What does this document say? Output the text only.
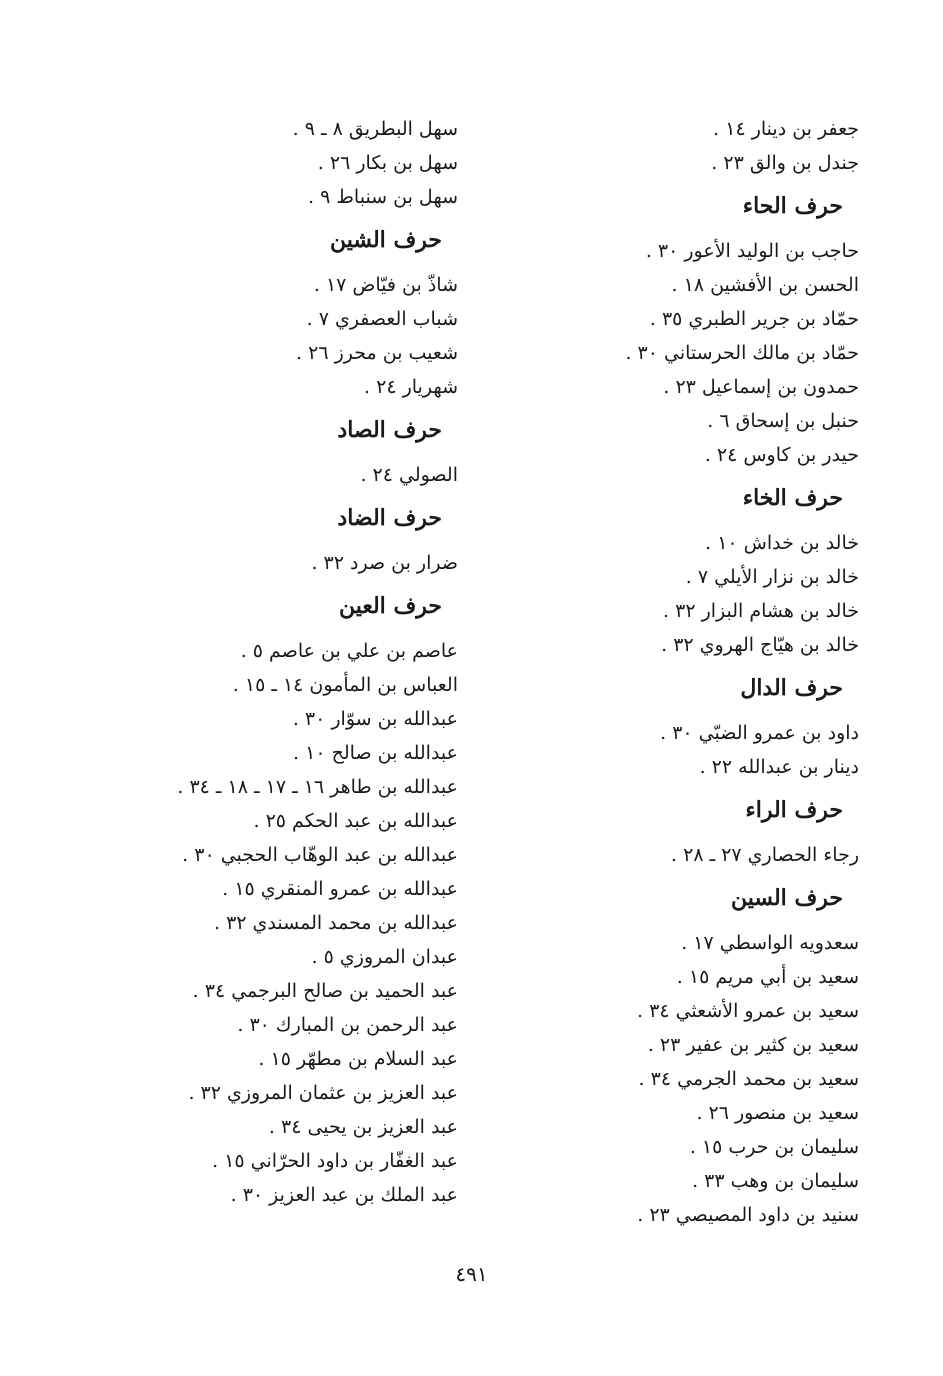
جعفر بن دينار ١٤ .
جندل بن والق ٢٣ .
حرف الحاء
حاجب بن الوليد الأعور ٣٠ .
الحسن بن الأفشين ١٨ .
حمّاد بن جرير الطبري ٣٥ .
حمّاد بن مالك الحرستاني ٣٠ .
حمدون بن إسماعيل ٢٣ .
حنبل بن إسحاق ٦ .
حيدر بن كاوس ٢٤ .
حرف الخاء
خالد بن خداش ١٠ .
خالد بن نزار الأيلي ٧ .
خالد بن هشام البزار ٣٢ .
خالد بن هيّاج الهروي ٣٢ .
حرف الدال
داود بن عمرو الضبّي ٣٠ .
دينار بن عبدالله ٢٢ .
حرف الراء
رجاء الحصاري ٢٧ ـ ٢٨ .
حرف السين
سعدويه الواسطي ١٧ .
سعيد بن أبي مريم ١٥ .
سعيد بن عمرو الأشعثي ٣٤ .
سعيد بن كثير بن عفير ٢٣ .
سعيد بن محمد الجرمي ٣٤ .
سعيد بن منصور ٢٦ .
سليمان بن حرب ١٥ .
سليمان بن وهب ٣٣ .
سنيد بن داود المصيصي ٢٣ .
سهل البطريق ٨ ـ ٩ .
سهل بن بكار ٢٦ .
سهل بن سنباط ٩ .
حرف الشين
شاذّ بن فيّاض ١٧ .
شباب العصفري ٧ .
شعيب بن محرز ٢٦ .
شهريار ٢٤ .
حرف الصاد
الصولي ٢٤ .
حرف الضاد
ضرار بن صرد ٣٢ .
حرف العين
عاصم بن علي بن عاصم ٥ .
العباس بن المأمون ١٤ ـ ١٥ .
عبدالله بن سوّار ٣٠ .
عبدالله بن صالح ١٠ .
عبدالله بن طاهر ١٦ ـ ١٧ ـ ١٨ ـ ٣٤ .
عبدالله بن عبد الحكم ٢٥ .
عبدالله بن عبد الوهّاب الحجبي ٣٠ .
عبدالله بن عمرو المنقري ١٥ .
عبدالله بن محمد المسندي ٣٢ .
عبدان المروزي ٥ .
عبد الحميد بن صالح البرجمي ٣٤ .
عبد الرحمن بن المبارك ٣٠ .
عبد السلام بن مطهّر ١٥ .
عبد العزيز بن عثمان المروزي ٣٢ .
عبد العزيز بن يحيى ٣٤ .
عبد الغفّار بن داود الحرّاني ١٥ .
عبد الملك بن عبد العزيز ٣٠ .
٤٩١
